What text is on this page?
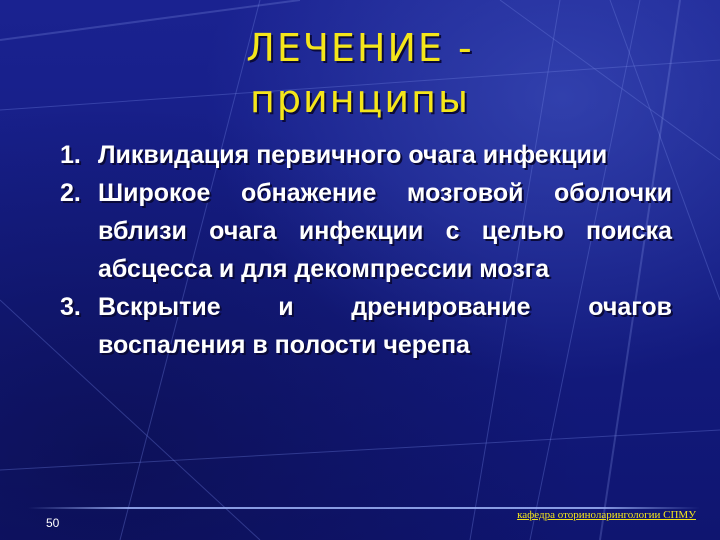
ЛЕЧЕНИЕ -
принципы
1. Ликвидация первичного очага инфекции
2. Широкое обнажение мозговой оболочки вблизи очага инфекции с целью поиска абсцесса и для декомпрессии мозга
3. Вскрытие и дренирование очагов воспаления в полости черепа
50
кафедра оториноларингологии СПМУ
